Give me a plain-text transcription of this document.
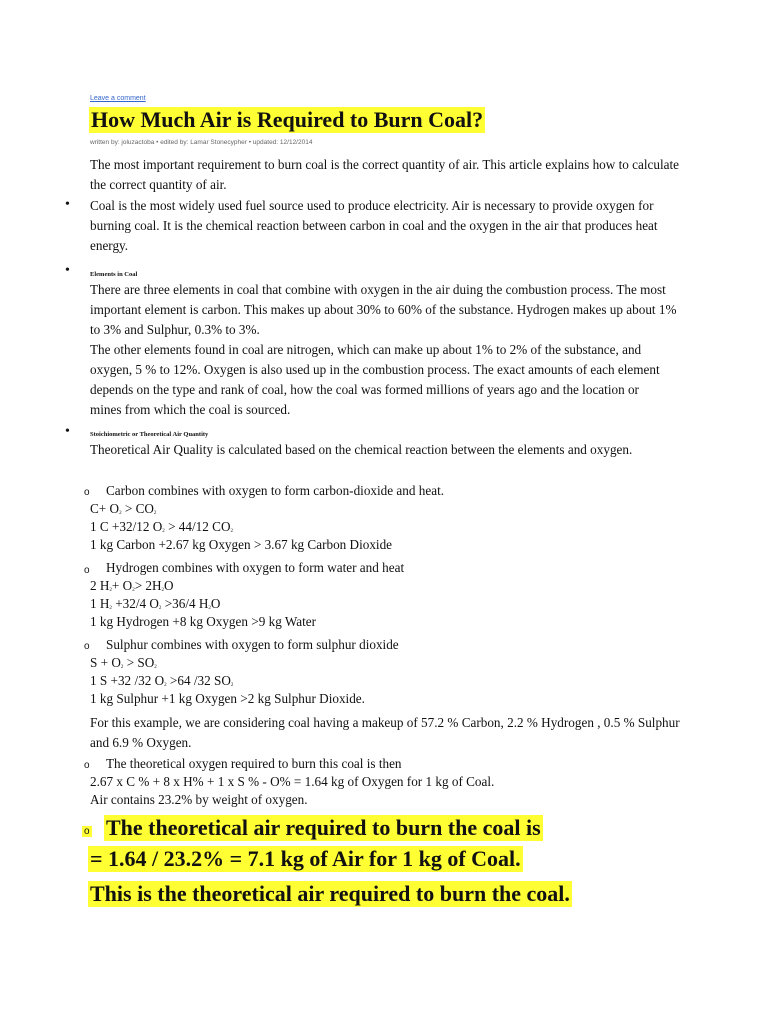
Leave a comment
How Much Air is Required to Burn Coal?
written by: joluzactoba • edited by: Lamar Stonecypher • updated: 12/12/2014
The most important requirement to burn coal is the correct quantity of air. This article explains how to calculate the correct quantity of air.
• Coal is the most widely used fuel source used to produce electricity. Air is necessary to provide oxygen for burning coal. It is the chemical reaction between carbon in coal and the oxygen in the air that produces heat energy.
•	Elements in Coal
There are three elements in coal that combine with oxygen in the air duing the combustion process. The most important element is carbon. This makes up about 30% to 60% of the substance. Hydrogen makes up about 1% to 3% and Sulphur, 0.3% to 3%.
The other elements found in coal are nitrogen, which can make up about 1% to 2% of the substance, and oxygen, 5 % to 12%. Oxygen is also used up in the combustion process. The exact amounts of each element depends on the type and rank of coal, how the coal was formed millions of years ago and the location or mines from which the coal is sourced.
•	Stoichiometric or Theoretical Air Quantity
Theoretical Air Quality is calculated based on the chemical reaction between the elements and oxygen.
o Carbon combines with oxygen to form carbon-dioxide and heat.
$C+ O_2 > CO_2$
1 C +32/12 $O_2 > 44/12$ $CO_2$
1 kg Carbon +2.67 kg Oxygen > 3.67 kg Carbon Dioxide
o Hydrogen combines with oxygen to form water and heat
2 $H_2+ O_2> 2H_2O$
1 $H_2 +32/4$ $O_2 >36/4$ $H_2O$
1 kg Hydrogen +8 kg Oxygen >9 kg Water
o Sulphur combines with oxygen to form sulphur dioxide
$S + O_2 > SO_2$
1 S +32 /32 $O_2 >64$ /32 $SO_2$
1 kg Sulphur +1 kg Oxygen >2 kg Sulphur Dioxide.
For this example, we are considering coal having a makeup of 57.2 % Carbon, 2.2 % Hydrogen , 0.5 % Sulphur and 6.9 % Oxygen.
o The theoretical oxygen required to burn this coal is then
2.67 x C % + 8 x H% + 1 x S % - O% = 1.64 kg of Oxygen for 1 kg of Coal.
Air contains 23.2% by weight of oxygen.
o The theoretical air required to burn the coal is
= 1.64 / 23.2% = 7.1 kg of Air for 1 kg of Coal.
This is the theoretical air required to burn the coal.
